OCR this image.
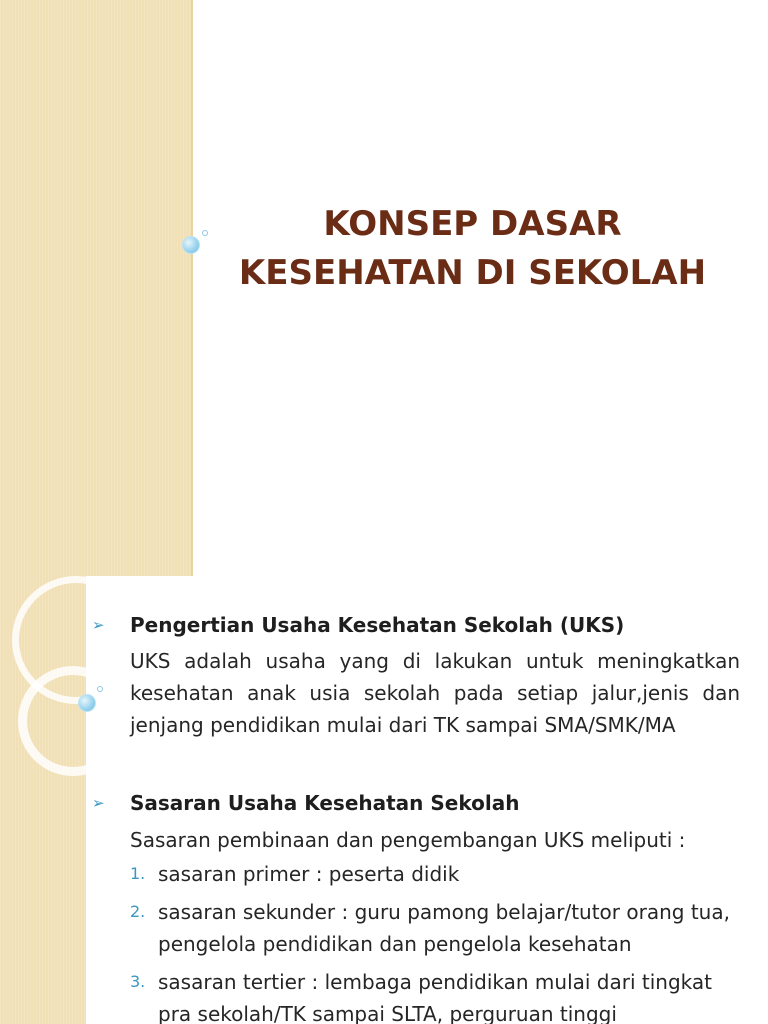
KONSEP DASAR
KESEHATAN DI SEKOLAH
➢	Pengertian Usaha Kesehatan Sekolah (UKS)
UKS adalah usaha yang di lakukan untuk meningkatkan kesehatan anak usia sekolah pada setiap jalur,jenis dan jenjang pendidikan mulai dari TK sampai SMA/SMK/MA
➢	Sasaran Usaha Kesehatan Sekolah
Sasaran pembinaan dan pengembangan UKS meliputi :
1. sasaran primer : peserta didik
2. sasaran sekunder : guru pamong belajar/tutor orang tua, pengelola pendidikan dan pengelola kesehatan
3. sasaran tertier : lembaga pendidikan mulai dari tingkat pra sekolah/TK sampai SLTA, perguruan tinggi
